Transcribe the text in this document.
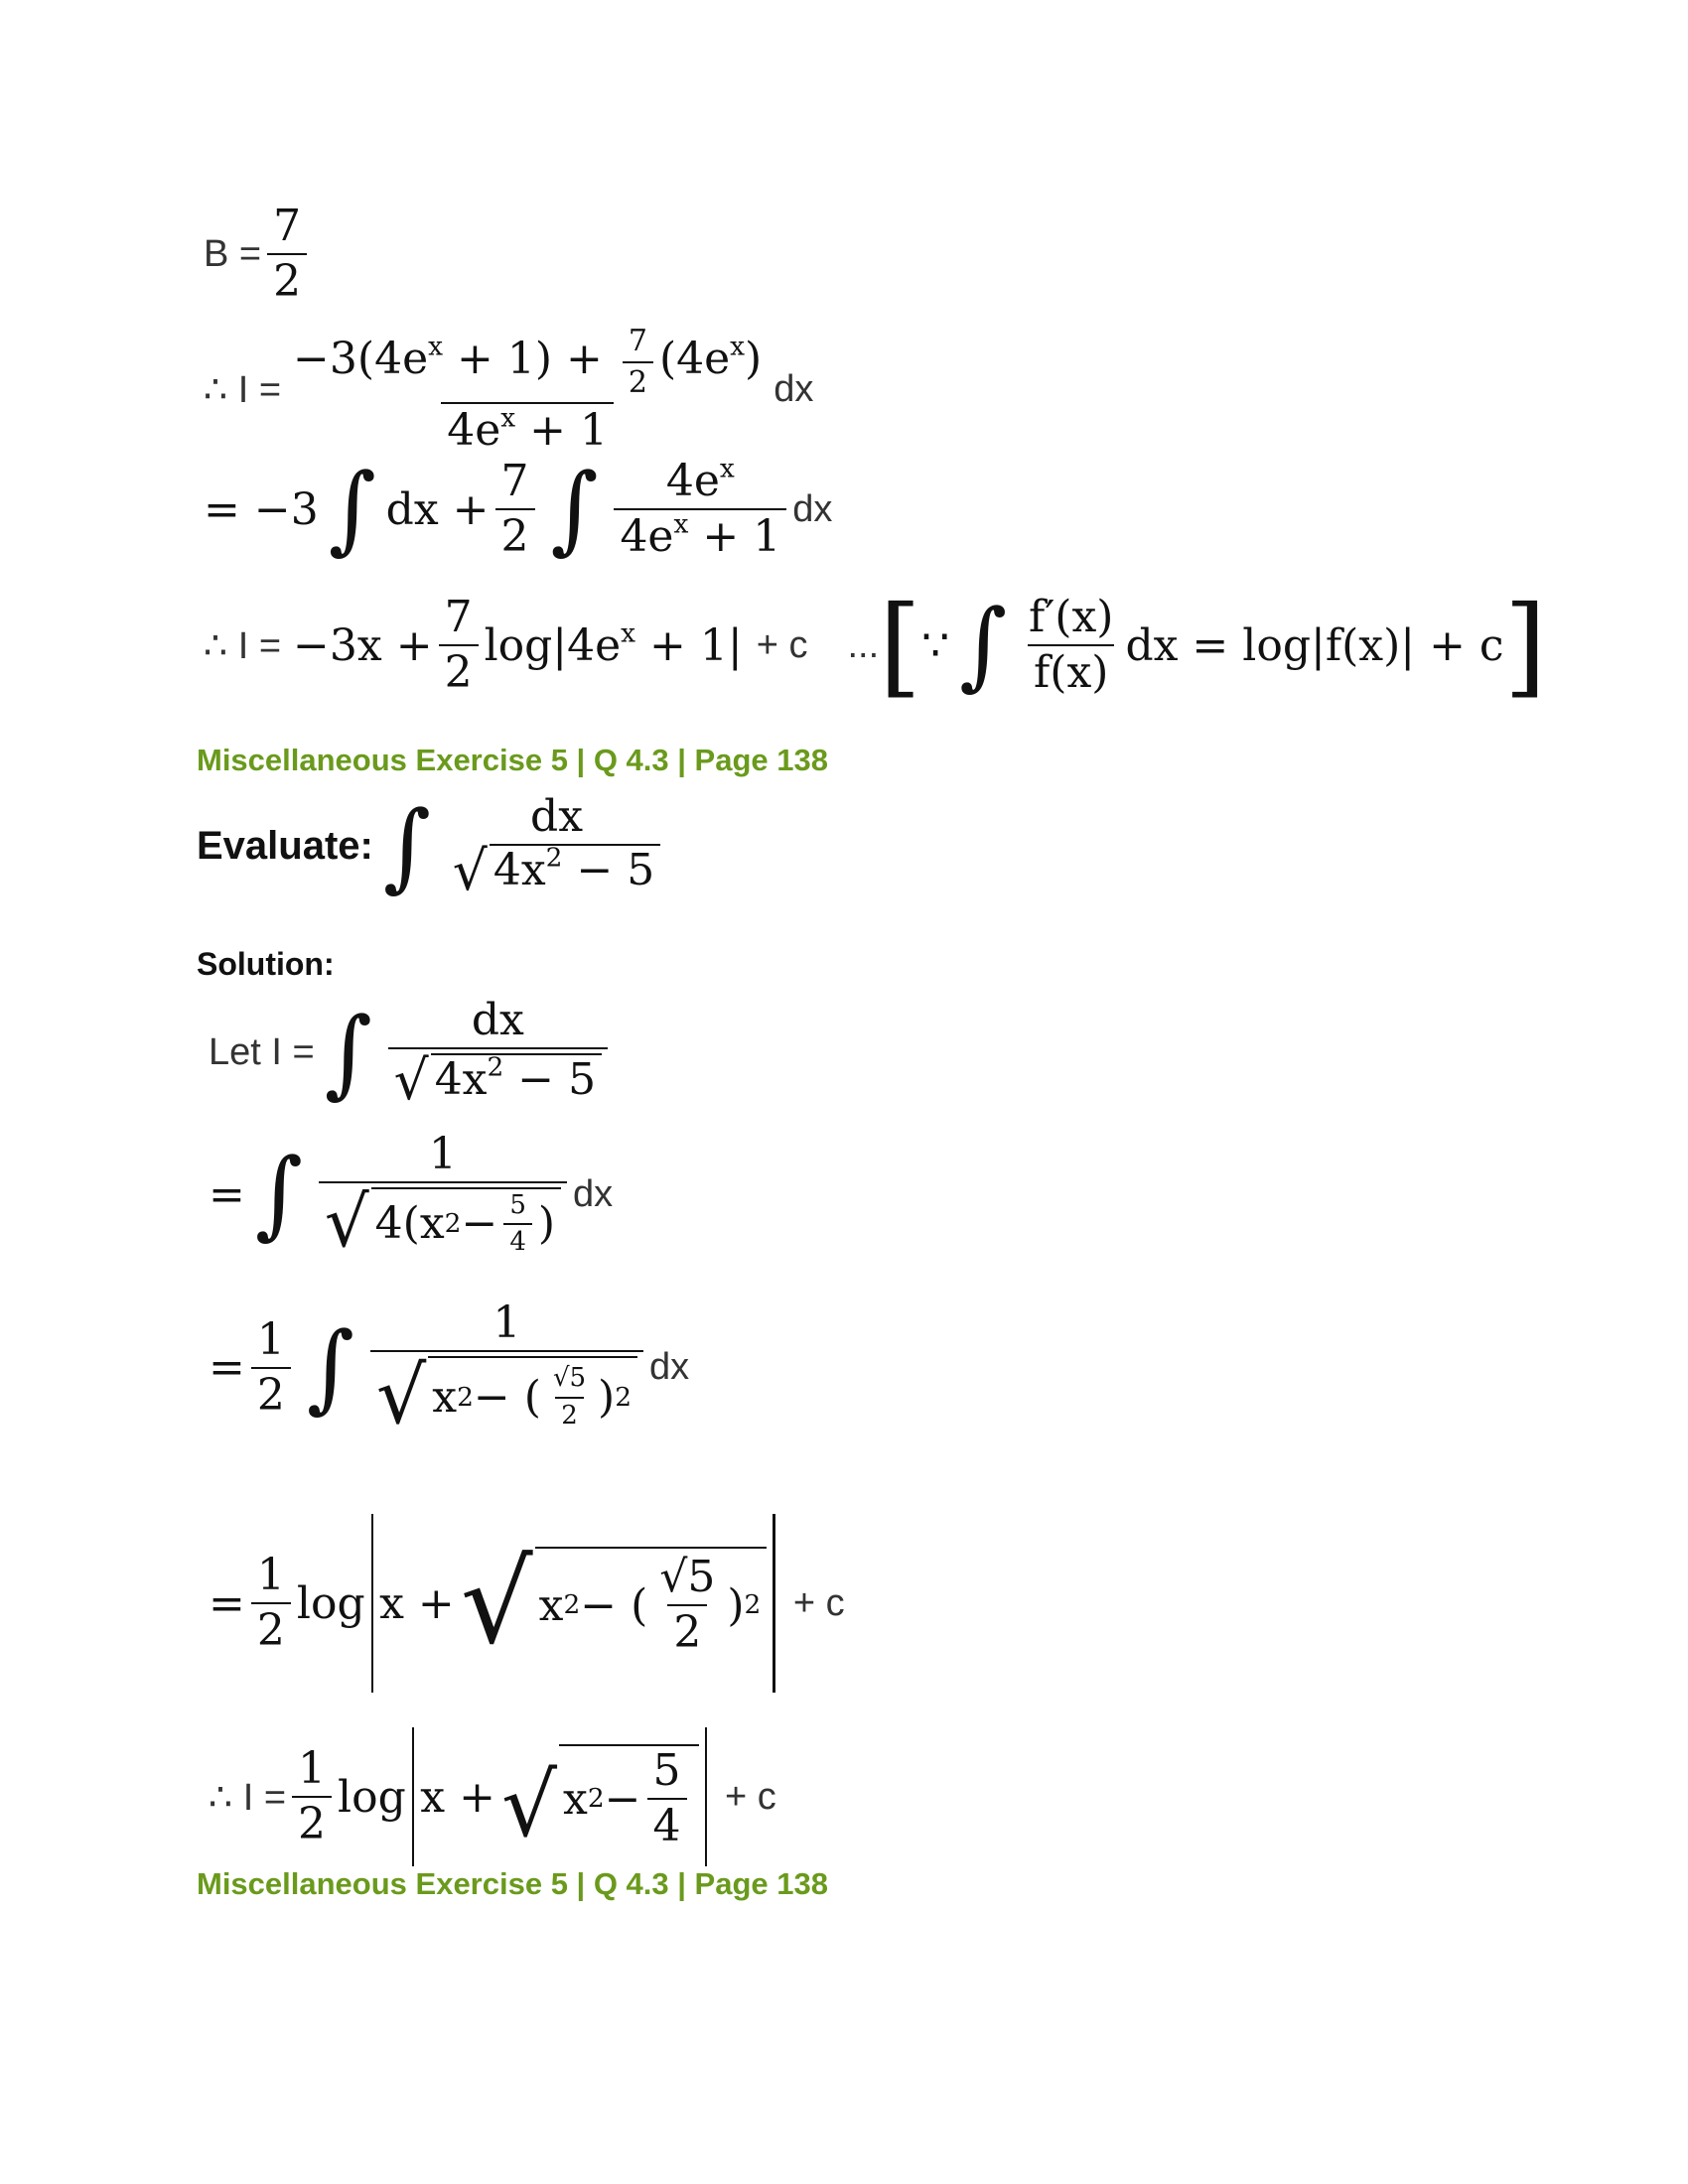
$B = \frac{7}{2}$
∴ $I = \frac{-3(4e^x + 1) + \frac{7}{2} (4e^x)}{4e^x + 1}$ dx
= −3 ∫ dx + $\frac{7}{2}$ ∫ $\frac{4e^x}{4e^x + 1}$ dx
∴ $I = -3x + \frac{7}{2} \log|4e^x + 1| + c$ ... [ ∵ ∫ $\frac{f'(x)}{f(x)}$ dx = log|f(x)| + c ]
Miscellaneous Exercise 5 | Q 4.3 | Page 138
Evaluate: ∫ dx
√ $4x^2 - 5$
Solution:
Let I = ∫ $\frac{dx}{√ 4x^2 - 5}$
= ∫ $\frac{1}{√ 4(x 2 - \frac{5}{4} )}$ dx
= $\frac{1}{2}$ ∫ $\frac{1}{√ x 2 - ( \frac{√5}{2} ) 2}$ dx
= $\frac{1}{2}$ log x + √ x 2 − ( $\frac{√5}{2}$ ) 2 + c
∴ $I = \frac{1}{2}$ log x + √ x $2 - \frac{5}{4} + c$
Miscellaneous Exercise 5 | Q 4.3 | Page 138
